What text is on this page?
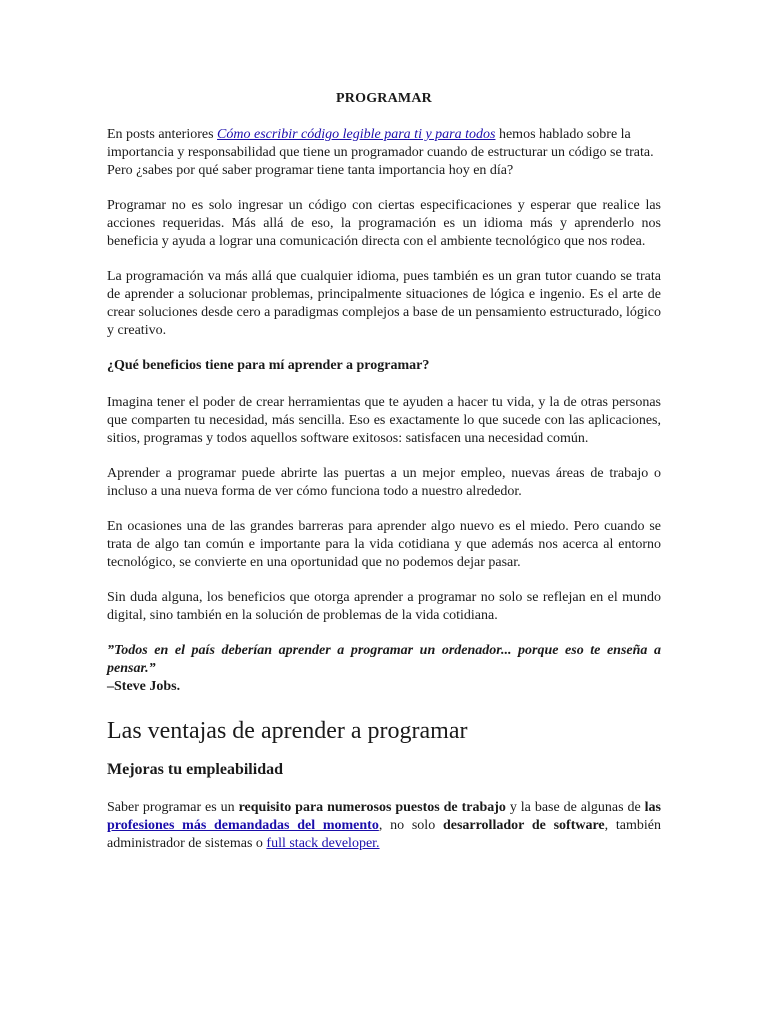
PROGRAMAR

En posts anteriores Cómo escribir código legible para ti y para todos hemos hablado sobre la importancia y responsabilidad que tiene un programador cuando de estructurar un código se trata. Pero ¿sabes por qué saber programar tiene tanta importancia hoy en día?

Programar no es solo ingresar un código con ciertas especificaciones y esperar que realice las acciones requeridas. Más allá de eso, la programación es un idioma más y aprenderlo nos beneficia y ayuda a lograr una comunicación directa con el ambiente tecnológico que nos rodea.

La programación va más allá que cualquier idioma, pues también es un gran tutor cuando se trata de aprender a solucionar problemas, principalmente situaciones de lógica e ingenio. Es el arte de crear soluciones desde cero a paradigmas complejos a base de un pensamiento estructurado, lógico y creativo.

¿Qué beneficios tiene para mí aprender a programar?

Imagina tener el poder de crear herramientas que te ayuden a hacer tu vida, y la de otras personas que comparten tu necesidad, más sencilla. Eso es exactamente lo que sucede con las aplicaciones, sitios, programas y todos aquellos software exitosos: satisfacen una necesidad común.

Aprender a programar puede abrirte las puertas a un mejor empleo, nuevas áreas de trabajo o incluso a una nueva forma de ver cómo funciona todo a nuestro alrededor.

En ocasiones una de las grandes barreras para aprender algo nuevo es el miedo. Pero cuando se trata de algo tan común e importante para la vida cotidiana y que además nos acerca al entorno tecnológico, se convierte en una oportunidad que no podemos dejar pasar.

Sin duda alguna, los beneficios que otorga aprender a programar no solo se reflejan en el mundo digital, sino también en la solución de problemas de la vida cotidiana.

”Todos en el país deberían aprender a programar un ordenador... porque eso te enseña a pensar.”

–Steve Jobs.

Las ventajas de aprender a programar
Mejoras tu empleabilidad

Saber programar es un requisito para numerosos puestos de trabajo y la base de algunas de las profesiones más demandadas del momento, no solo desarrollador de software, también administrador de sistemas o full stack developer.
